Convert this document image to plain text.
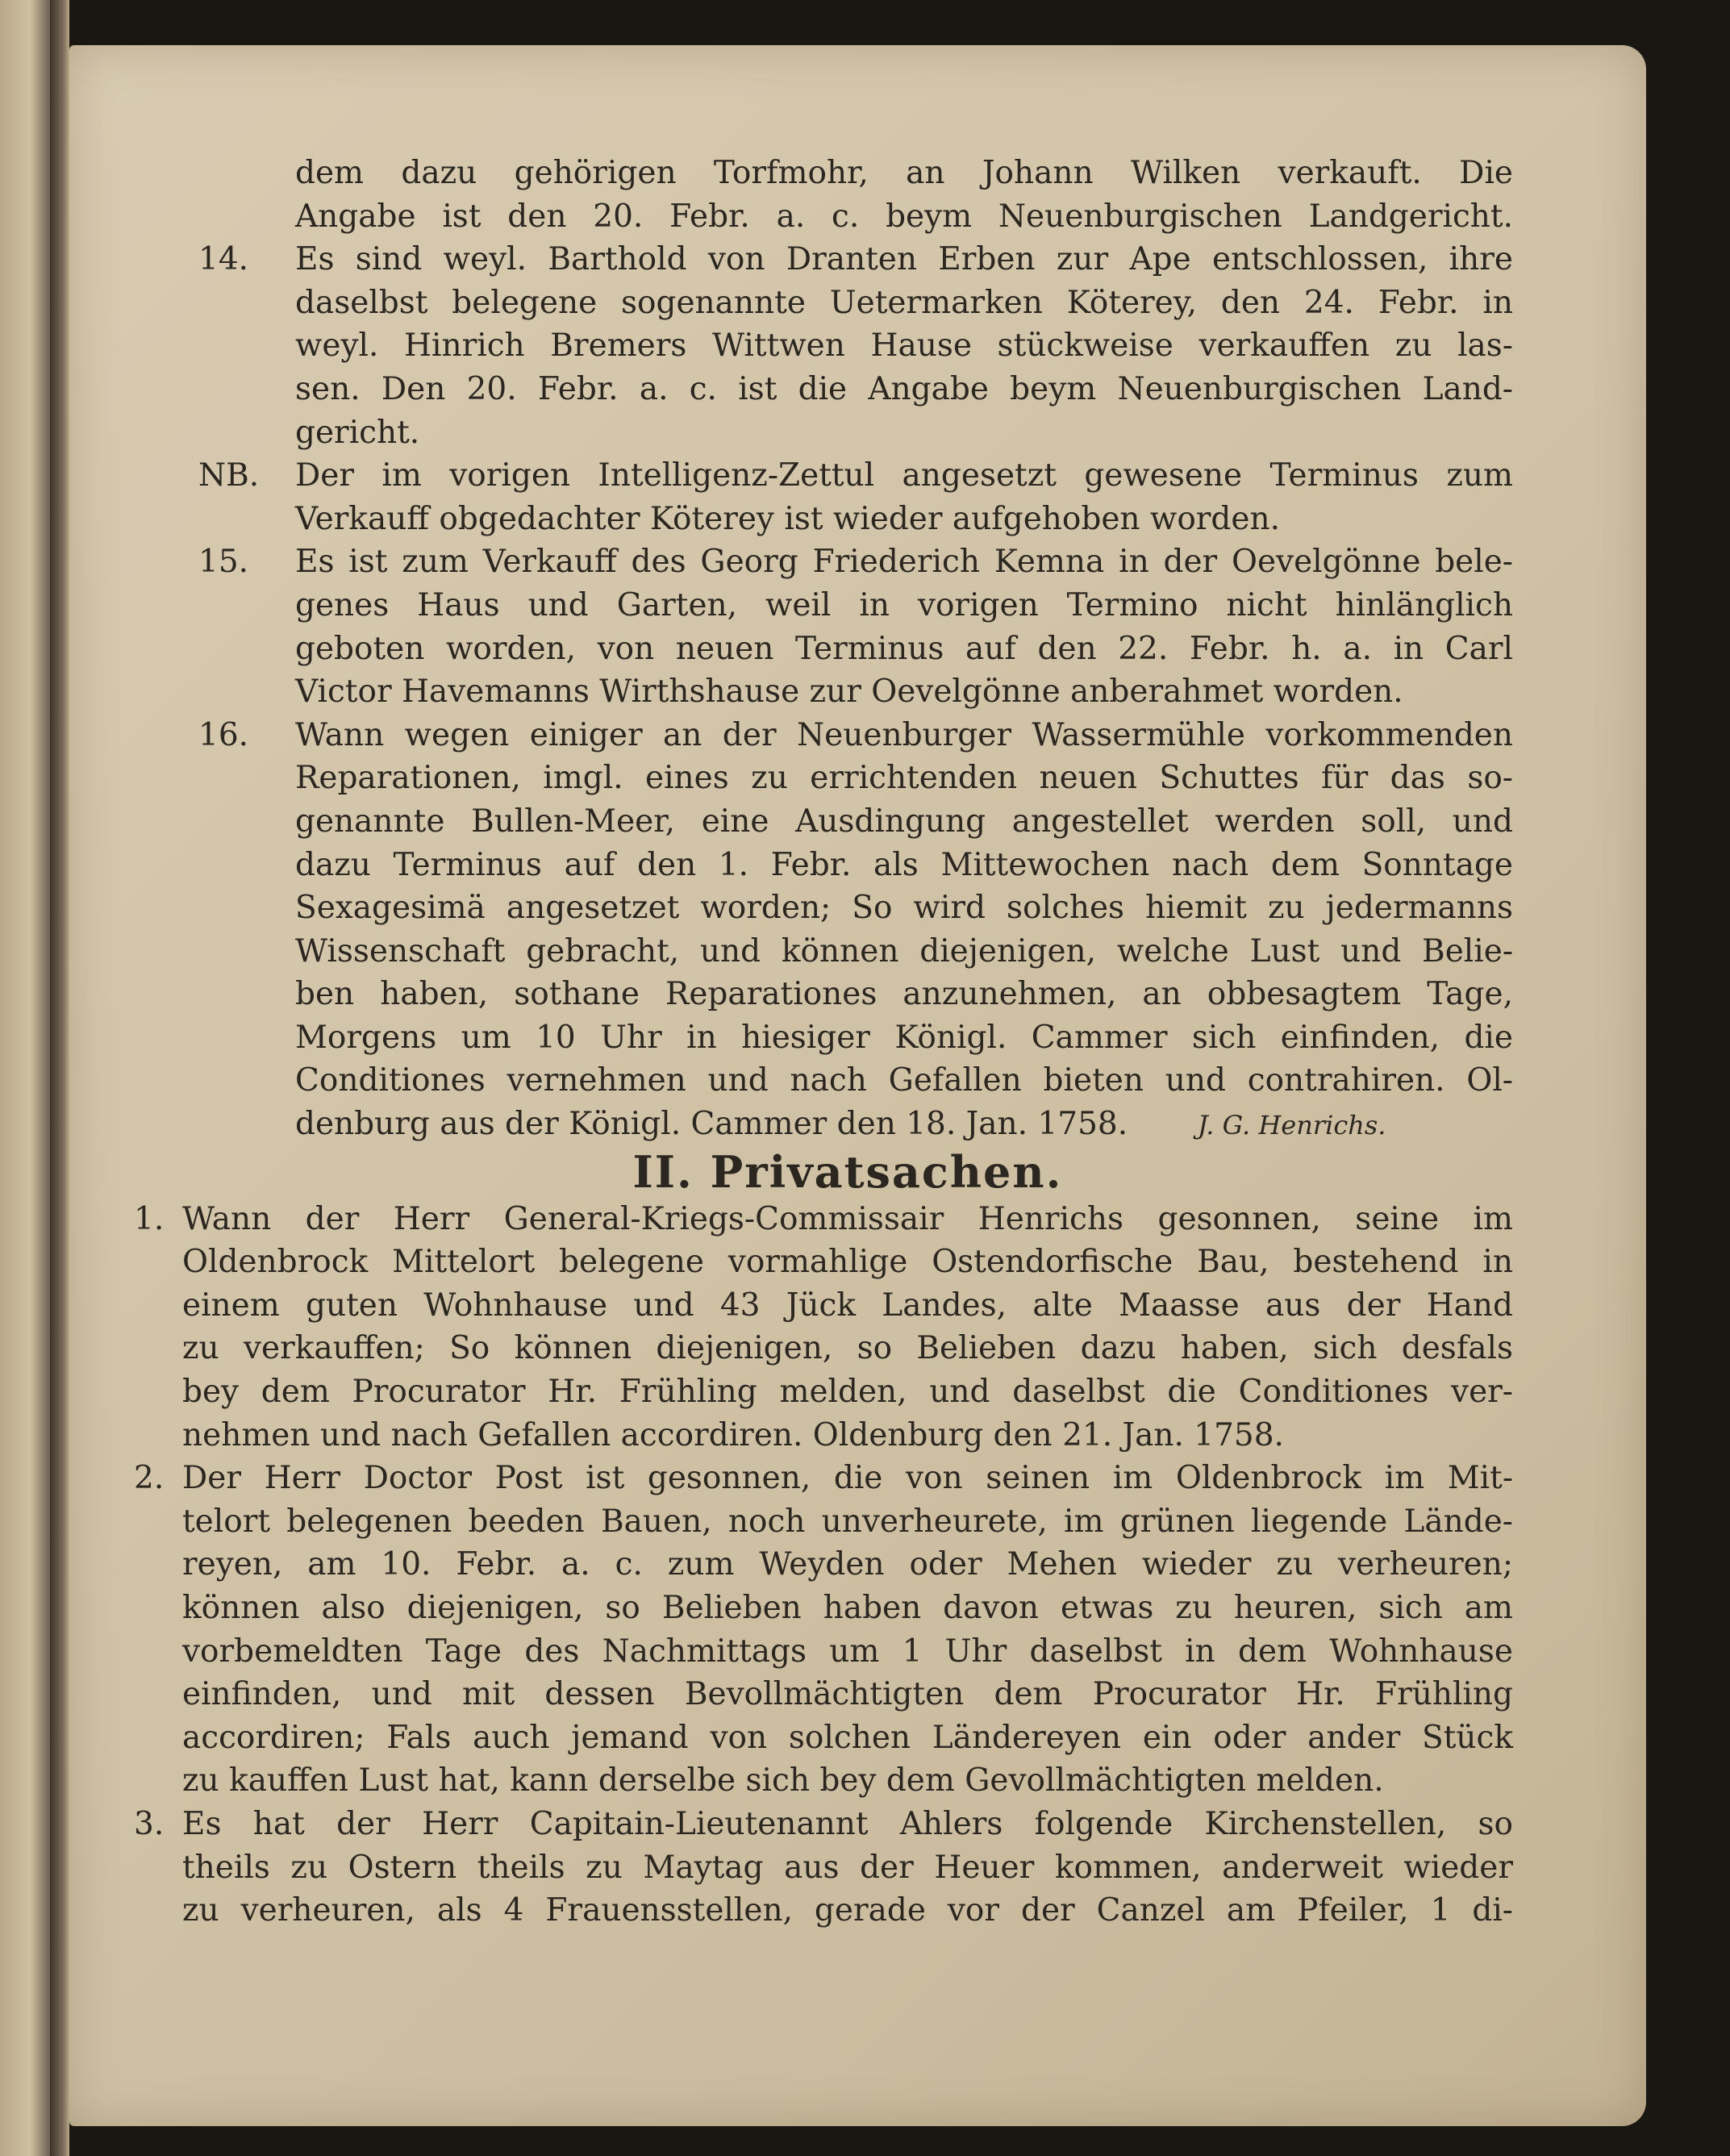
dem dazu gehörigen Torfmohr, an Johann Wilken verkauft. Die
Angabe ist den 20. Febr. a. c. beym Neuenburgischen Landgericht.
14. Es sind weyl. Barthold von Dranten Erben zur Ape entschlossen, ihre
daselbst belegene sogenannte Uetermarken Köterey, den 24. Febr. in
weyl. Hinrich Bremers Wittwen Hause stückweise verkauffen zu las-
sen. Den 20. Febr. a. c. ist die Angabe beym Neuenburgischen Land-
gericht.
NB. Der im vorigen Intelligenz-Zettul angesetzt gewesene Terminus zum
Verkauff obgedachter Köterey ist wieder aufgehoben worden.
15. Es ist zum Verkauff des Georg Friederich Kemna in der Oevelgönne bele-
genes Haus und Garten, weil in vorigen Termino nicht hinlänglich
geboten worden, von neuen Terminus auf den 22. Febr. h. a. in Carl
Victor Havemanns Wirthshause zur Oevelgönne anberahmet worden.
16. Wann wegen einiger an der Neuenburger Wassermühle vorkommenden
Reparationen, imgl. eines zu errichtenden neuen Schuttes für das so-
genannte Bullen-Meer, eine Ausdingung angestellet werden soll, und
dazu Terminus auf den 1. Febr. als Mittewochen nach dem Sonntage
Sexagesimä angesetzet worden; So wird solches hiemit zu jedermanns
Wissenschaft gebracht, und können diejenigen, welche Lust und Belie-
ben haben, sothane Reparationes anzunehmen, an obbesagtem Tage,
Morgens um 10 Uhr in hiesiger Königl. Cammer sich einfinden, die
Conditiones vernehmen und nach Gefallen bieten und contrahiren. Ol-
denburg aus der Königl. Cammer den 18. Jan. 1758.	J. G. Henrichs.
II. Privatsachen.
1. Wann der Herr General-Kriegs-Commissair Henrichs gesonnen, seine im
Oldenbrock Mittelort belegene vormahlige Ostendorfische Bau, bestehend in
einem guten Wohnhause und 43 Jück Landes, alte Maasse aus der Hand
zu verkauffen; So können diejenigen, so Belieben dazu haben, sich desfals
bey dem Procurator Hr. Frühling melden, und daselbst die Conditiones ver-
nehmen und nach Gefallen accordiren. Oldenburg den 21. Jan. 1758.
2. Der Herr Doctor Post ist gesonnen, die von seinen im Oldenbrock im Mit-
telort belegenen beeden Bauen, noch unverheurete, im grünen liegende Lände-
reyen, am 10. Febr. a. c. zum Weyden oder Mehen wieder zu verheuren;
können also diejenigen, so Belieben haben davon etwas zu heuren, sich am
vorbemeldten Tage des Nachmittags um 1 Uhr daselbst in dem Wohnhause
einfinden, und mit dessen Bevollmächtigten dem Procurator Hr. Frühling
accordiren; Fals auch jemand von solchen Ländereyen ein oder ander Stück
zu kauffen Lust hat, kann derselbe sich bey dem Gevollmächtigten melden.
3. Es hat der Herr Capitain-Lieutenannt Ahlers folgende Kirchenstellen, so
theils zu Ostern theils zu Maytag aus der Heuer kommen, anderweit wieder
zu verheuren, als 4 Frauensstellen, gerade vor der Canzel am Pfeiler, 1 di-
